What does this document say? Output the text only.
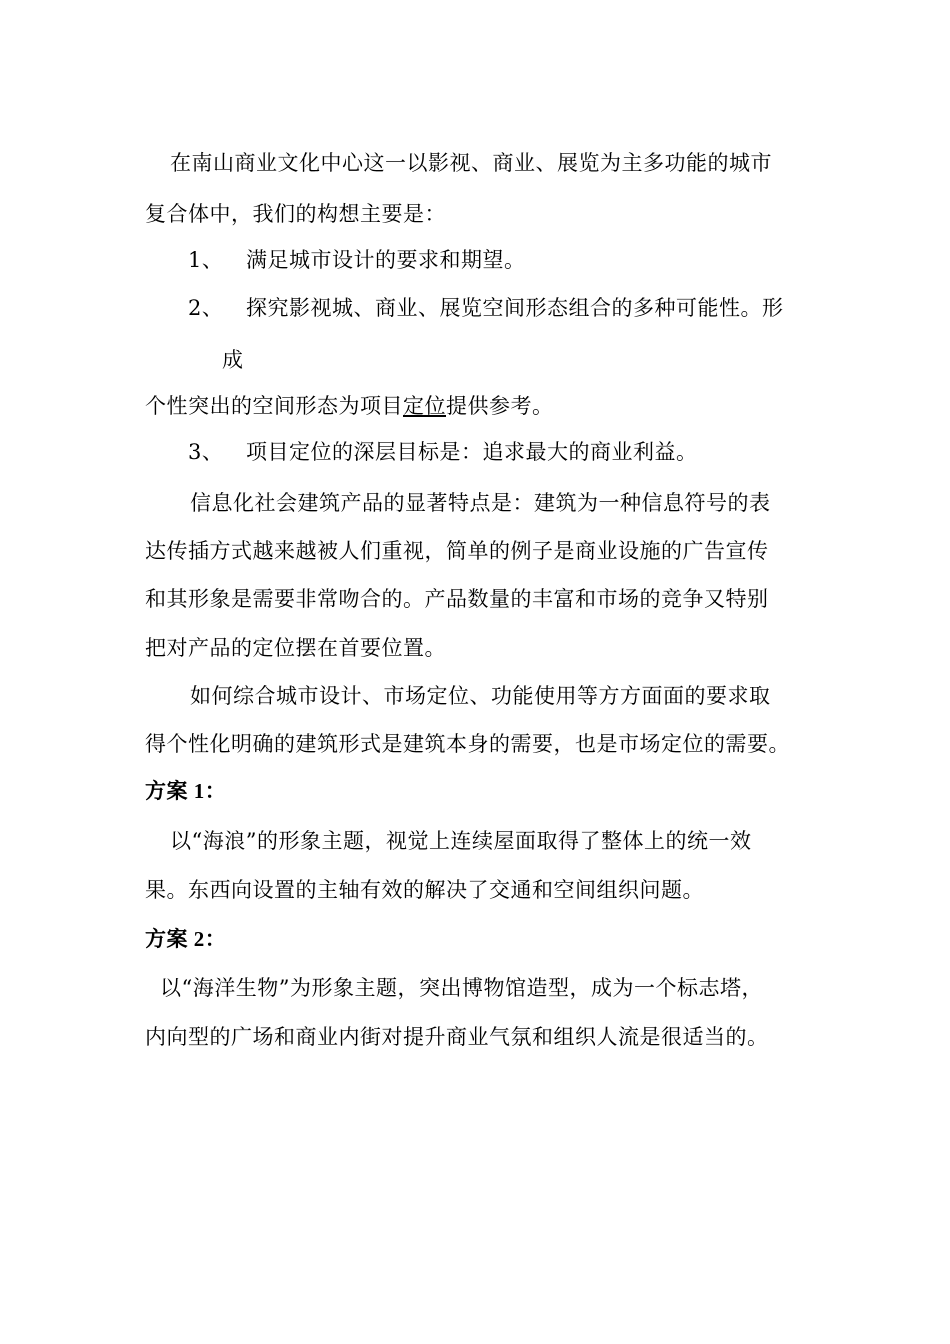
在南山商业文化中心这一以影视、商业、展览为主多功能的城市
复合体中，我们的构想主要是：
1、 满足城市设计的要求和期望。
2、 探究影视城、商业、展览空间形态组合的多种可能性。形
成
个性突出的空间形态为项目定位提供参考。
3、 项目定位的深层目标是：追求最大的商业利益。
信息化社会建筑产品的显著特点是：建筑为一种信息符号的表
达传插方式越来越被人们重视，简单的例子是商业设施的广告宣传
和其形象是需要非常吻合的。产品数量的丰富和市场的竞争又特别
把对产品的定位摆在首要位置。
如何综合城市设计、市场定位、功能使用等方方面面的要求取
得个性化明确的建筑形式是建筑本身的需要，也是市场定位的需要。
方案 1：
以“海浪”的形象主题，视觉上连续屋面取得了整体上的统一效
果。东西向设置的主轴有效的解决了交通和空间组织问题。
方案 2：
以“海洋生物”为形象主题，突出博物馆造型，成为一个标志塔，
内向型的广场和商业内街对提升商业气氛和组织人流是很适当的。
